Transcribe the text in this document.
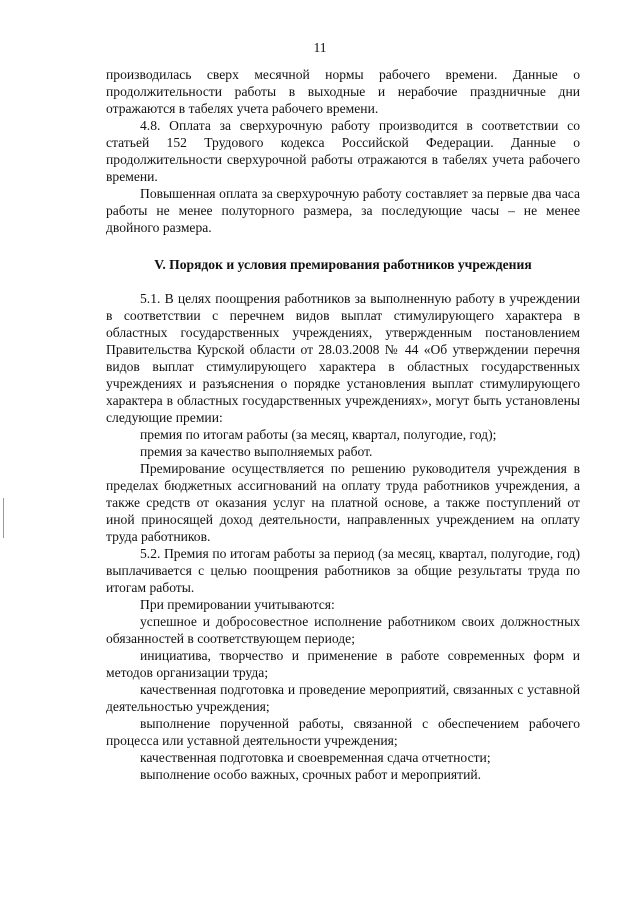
11

производилась сверх месячной нормы рабочего времени. Данные о продолжительности работы в выходные и нерабочие праздничные дни отражаются в табелях учета рабочего времени.

4.8. Оплата за сверхурочную работу производится в соответствии со статьей 152 Трудового кодекса Российской Федерации. Данные о продолжительности сверхурочной работы отражаются в табелях учета рабочего времени.

Повышенная оплата за сверхурочную работу составляет за первые два часа работы не менее полуторного размера, за последующие часы – не менее двойного размера.

V. Порядок и условия премирования работников учреждения

5.1. В целях поощрения работников за выполненную работу в учреждении в соответствии с перечнем видов выплат стимулирующего характера в областных государственных учреждениях, утвержденным постановлением Правительства Курской области от 28.03.2008 № 44 «Об утверждении перечня видов выплат стимулирующего характера в областных государственных учреждениях и разъяснения о порядке установления выплат стимулирующего характера в областных государственных учреждениях», могут быть установлены следующие премии:

премия по итогам работы (за месяц, квартал, полугодие, год);

премия за качество выполняемых работ.

Премирование осуществляется по решению руководителя учреждения в пределах бюджетных ассигнований на оплату труда работников учреждения, а также средств от оказания услуг на платной основе, а также поступлений от иной приносящей доход деятельности, направленных учреждением на оплату труда работников.

5.2. Премия по итогам работы за период (за месяц, квартал, полугодие, год) выплачивается с целью поощрения работников за общие результаты труда по итогам работы.

При премировании учитываются:

успешное и добросовестное исполнение работником своих должностных обязанностей в соответствующем периоде;

инициатива, творчество и применение в работе современных форм и методов организации труда;

качественная подготовка и проведение мероприятий, связанных с уставной деятельностью учреждения;

выполнение порученной работы, связанной с обеспечением рабочего процесса или уставной деятельности учреждения;

качественная подготовка и своевременная сдача отчетности;

выполнение особо важных, срочных работ и мероприятий.
